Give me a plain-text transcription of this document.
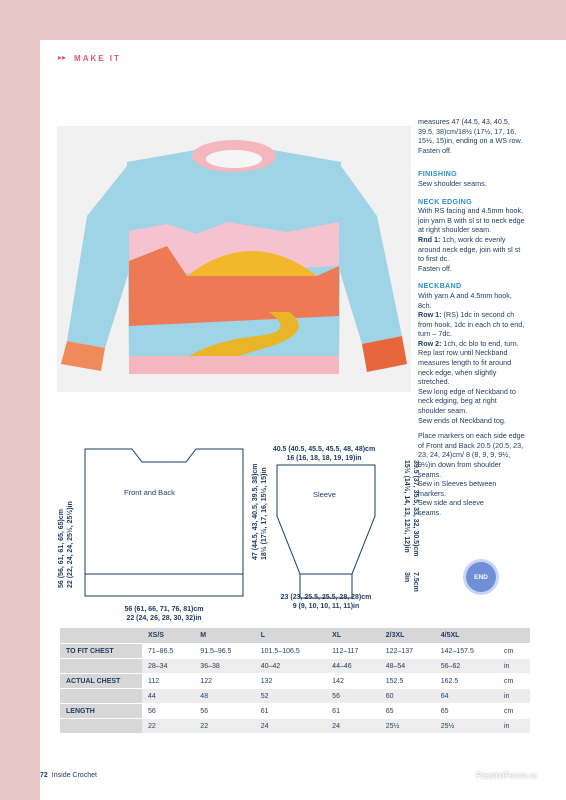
▸▸ MAKE IT

measures 47 (44.5, 43, 40.5, 39.5, 38)cm/18½ (17½, 17, 16, 15½, 15)in, ending on a WS row.

Fasten off.

FINISHING

Sew shoulder seams.

NECK EDGING

With RS facing and 4.5mm hook, join yarn B with sl st to neck edge at right shoulder seam.

Rnd 1: 1ch, work dc evenly around neck edge, join with sl st to first dc.

Fasten off.

NECKBAND

With yarn A and 4.5mm hook, 8ch.

Row 1: (RS) 1dc in second ch from hook, 1dc in each ch to end, turn – 7dc.

Row 2: 1ch, dc blo to end, turn.

Rep last row until Neckband measures length to fit around neck edge, when slightly stretched.

Sew long edge of Neckband to neck edging, beg at right shoulder seam.

Sew ends of Neckband tog.

Place markers on each side edge of Front and Back 20.5 (20.5, 23, 23, 24, 24)cm/ 8 (8, 9, 9, 9½, 9½)in down from shoulder seams.

Sew in Sleeves between markers.

Sew side and sleeve seams.

END
Front and Back
56 (56, 61, 61, 65, 65)cm
22 (22, 24, 24, 25½, 25½)in
56 (61, 66, 71, 76, 81)cm
22 (24, 26, 28, 30, 32)in
40.5 (40.5, 45.5, 45.5, 48, 48)cm
16 (16, 18, 18, 19, 19)in
Sleeve
47 (44.5, 43, 40.5, 39.5, 38)cm 18½ (17½, 17, 16, 15½, 15)in	39.5 (37, 35.5, 33, 32, 30.5)cm
15½ (14½, 14, 13, 12½, 12)in
7.5cm
3in
23 (23, 25.5, 25.5, 28, 28)cm
9 (9, 10, 10, 11, 11)in
	XS/S	M	L	XL	2/3XL	4/5XL	
TO FIT CHEST	71–86.5	91.5–96.5	101.5–106.5	112–117	122–137	142–157.5	cm
	28–34	36–38	40–42	44–46	48–54	56–62	in
ACTUAL CHEST	112	122	132	142	152.5	162.5	cm
	44	48	52	56	60	64	in
LENGTH	56	56	61	61	65	65	cm
	22	22	24	24	25½	25½	in
72 Inside Crochet	PassionForum.ru
